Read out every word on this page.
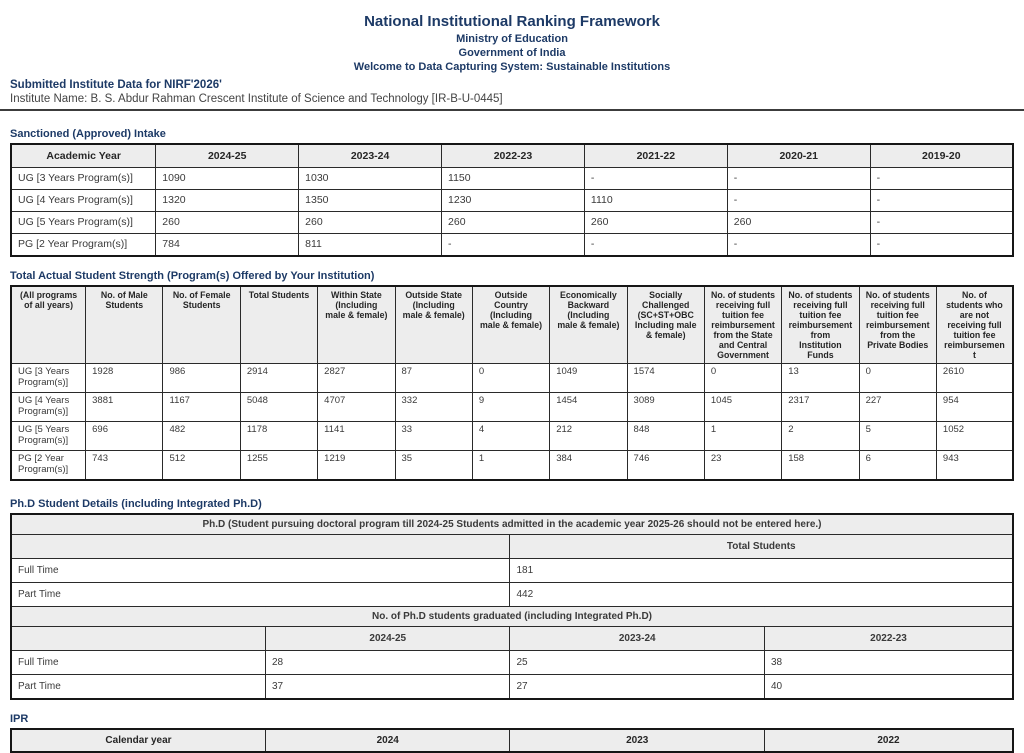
National Institutional Ranking Framework
Ministry of Education
Government of India
Welcome to Data Capturing System: Sustainable Institutions
Submitted Institute Data for NIRF'2026'
Institute Name: B. S. Abdur Rahman Crescent Institute of Science and Technology [IR-B-U-0445]
Sanctioned (Approved) Intake
Academic Year	2024-25	2023-24	2022-23	2021-22	2020-21	2019-20
UG [3 Years Program(s)]	1090	1030	1150	-	-	-
UG [4 Years Program(s)]	1320	1350	1230	1110	-	-
UG [5 Years Program(s)]	260	260	260	260	260	-
PG [2 Year Program(s)]	784	811	-	-	-	-
Total Actual Student Strength (Program(s) Offered by Your Institution)
(All programs of all years)	No. of Male Students	No. of Female Students	Total Students	Within State (Including male & female)	Outside State (Including male & female)	Outside Country (Including male & female)	Economically Backward (Including male & female)	Socially Challenged (SC+ST+OBC Including male & female)	No. of students receiving full tuition fee reimbursement from the State and Central Government	No. of students receiving full tuition fee reimbursement from Institution Funds	No. of students receiving full tuition fee reimbursement from the Private Bodies	No. of students who are not receiving full tuition fee reimbursement
UG [3 Years Program(s)]	1928	986	2914	2827	87	0	1049	1574	0	13	0	2610
UG [4 Years Program(s)]	3881	1167	5048	4707	332	9	1454	3089	1045	2317	227	954
UG [5 Years Program(s)]	696	482	1178	1141	33	4	212	848	1	2	5	1052
PG [2 Year Program(s)]	743	512	1255	1219	35	1	384	746	23	158	6	943
Ph.D Student Details (including Integrated Ph.D)
Ph.D (Student pursuing doctoral program till 2024-25 Students admitted in the academic year 2025-26 should not be entered here.)			
		Total Students	
Full Time		181	
Part Time		442	
No. of Ph.D students graduated (including Integrated Ph.D)			
	2024-25	2023-24	2022-23
Full Time	28	25	38
Part Time	37	27	40
IPR
Calendar year	2024	2023	2022
